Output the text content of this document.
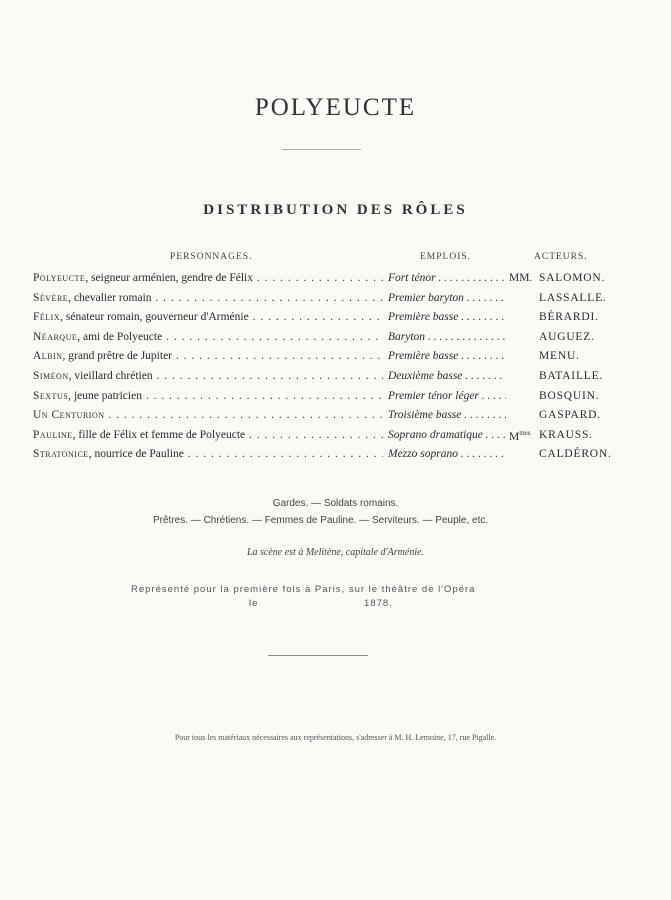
POLYEUCTE
DISTRIBUTION DES RÔLES
PERSONNAGES.	EMPLOIS.	ACTEURS.
Polyeucte, seigneur arménien, gendre de Félix . . .	Fort ténor . . .	MM. SALOMON.
Sévère, chevalier romain . . .	Premier baryton . . .	LASSALLE.
Félix, sénateur romain, gouverneur d'Arménie . . .	Première basse . . .	BÉRARDI.
Néarque, ami de Polyeucte . . .	Baryton . . .	AUGUEZ.
Albin, grand prêtre de Jupiter . . .	Première basse . . .	MENU.
Siméon, vieillard chrétien . . .	Deuxième basse . . .	BATAILLE.
Sextus, jeune patricien . . .	Premier ténor léger . . .	BOSQUIN.
Un Centurion . . .	Troisième basse . . .	GASPARD.
Pauline, fille de Félix et femme de Polyeucte . . .	Soprano dramatique . . .	$M^{mes}$ KRAUSS.
Stratonice, nourrice de Pauline . . .	Mezzo soprano . . .	CALDÉRON.
Gardes. — Soldats romains.
Prêtres. — Chrétiens. — Femmes de Pauline. — Serviteurs. — Peuple, etc.
La scène est à Melitène, capitale d'Arménie.
Représenté pour la première fois à Paris, sur le théâtre de l'Opéra
le	1878.
Pour tous les matériaux nécessaires aux représentations, s'adresser à M. H. Lemoine, 17, rue Pigalle.
